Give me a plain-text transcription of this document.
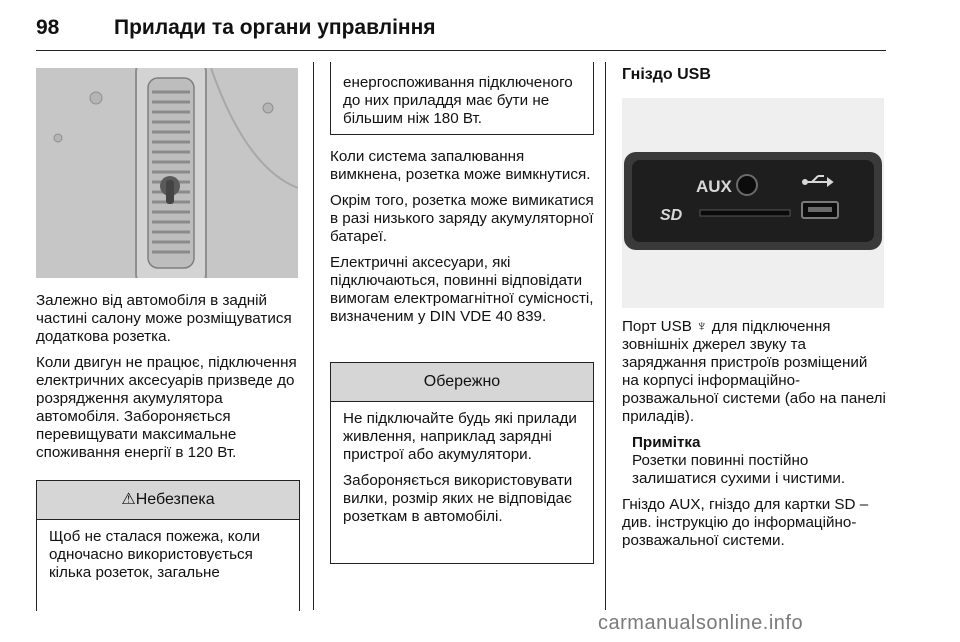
98	Прилади та органи управління

Залежно від автомобіля в задній частині салону може розміщуватися додаткова розетка.

Коли двигун не працює, підключення електричних аксесуарів призведе до розрядження акумулятора автомобіля. Забороняється перевищувати максимальне споживання енергії в 120 Вт.

⚠Небезпека
Щоб не сталася пожежа, коли одночасно використовується кілька розеток, загальне
енергоспоживання підключеного до них приладдя має бути не більшим ніж 180 Вт.

Коли система запалювання вимкнена, розетка може вимкнутися.

Окрім того, розетка може вимикатися в разі низького заряду акумуляторної батареї.

Електричні аксесуари, які підключаються, повинні відповідати вимогам електромагнітної сумісності, визначеним у DIN VDE 40 839.

Обережно

Не підключайте будь які прилади живлення, наприклад зарядні пристрої або акумулятори.

Забороняється використовувати вилки, розмір яких не відповідає розеткам в автомобілі.

Гніздо USB
AUX
SD

Порт USB ♆ для підключення зовнішніх джерел звуку та заряджання пристроїв розміщений на корпусі інформаційно-розважальної системи (або на панелі приладів).

Примітка
Розетки повинні постійно залишатися сухими і чистими.

Гніздо AUX, гніздо для картки SD – див. інструкцію до інформаційно-розважальної системи.

carmanualsonline.info
